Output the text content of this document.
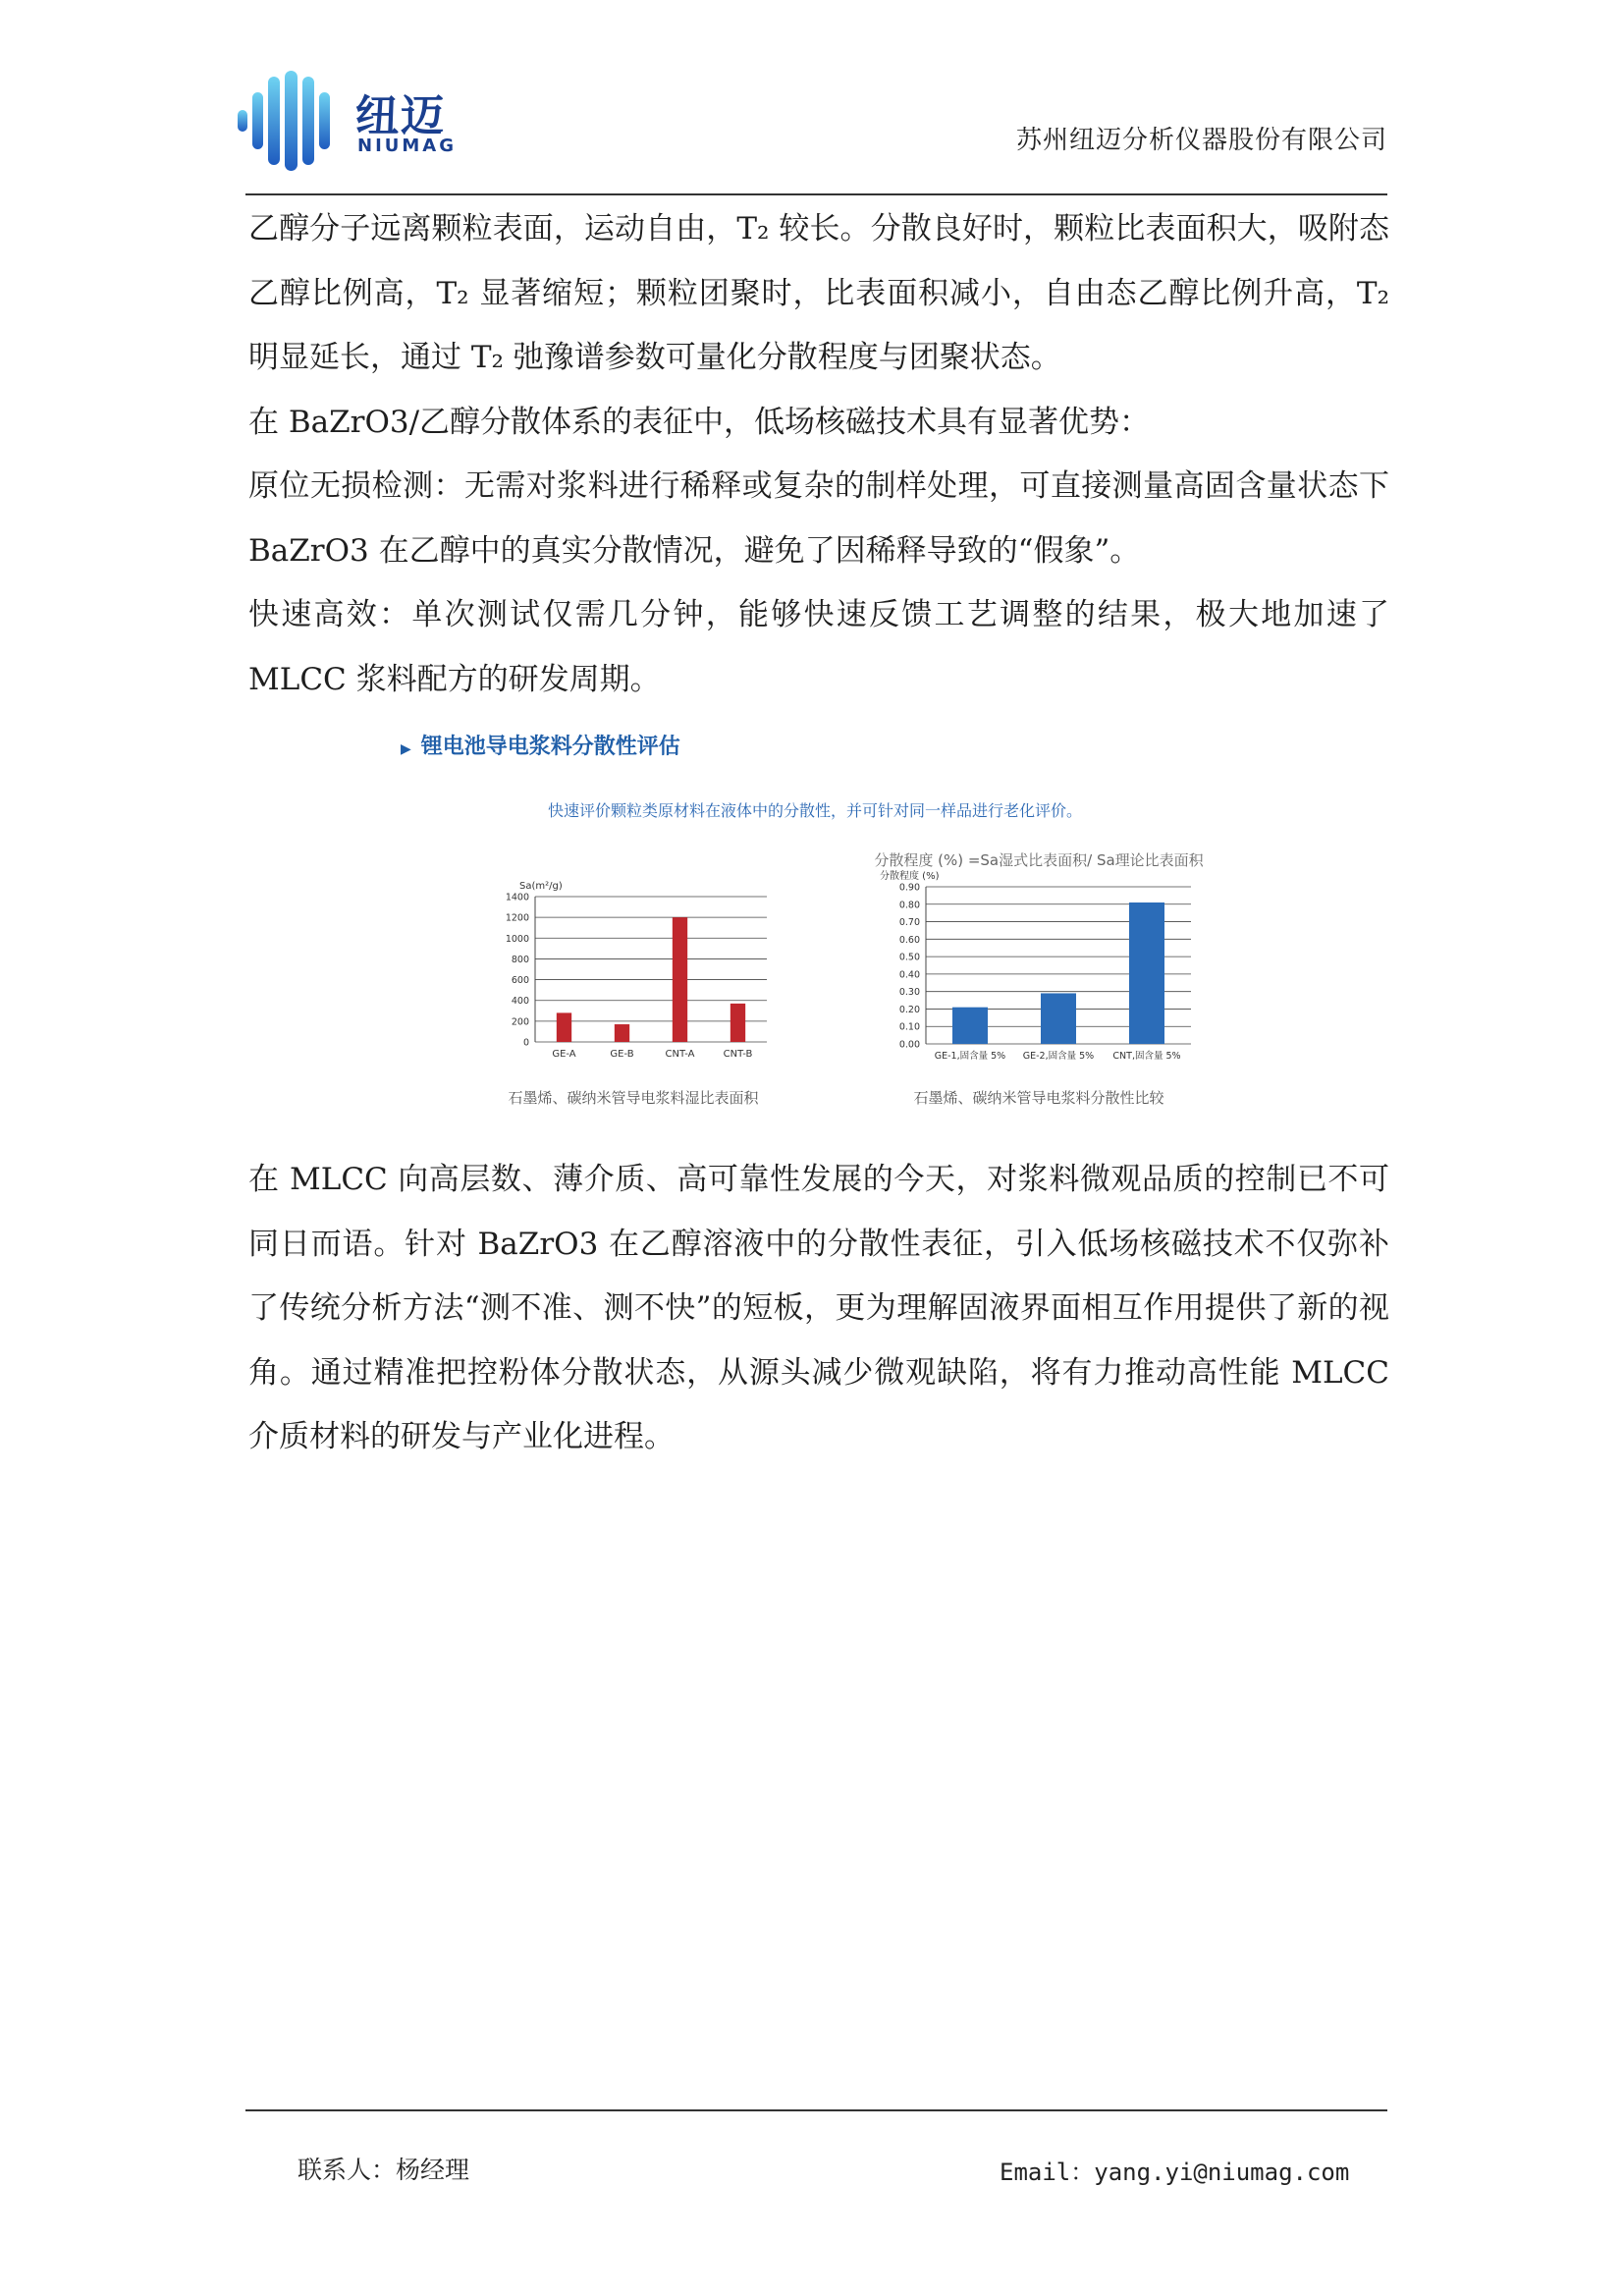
纽迈
NIUMAG	苏州纽迈分析仪器股份有限公司

乙醇分子远离颗粒表面，运动自由，T₂ 较长。分散良好时，颗粒比表面积大，吸附态乙醇比例高，T₂ 显著缩短；颗粒团聚时，比表面积减小，自由态乙醇比例升高，T₂ 明显延长，通过 T₂ 弛豫谱参数可量化分散程度与团聚状态。

在 BaZrO3/乙醇分散体系的表征中，低场核磁技术具有显著优势：

原位无损检测：无需对浆料进行稀释或复杂的制样处理，可直接测量高固含量状态下 BaZrO3 在乙醇中的真实分散情况，避免了因稀释导致的“假象”。

快速高效：单次测试仅需几分钟，能够快速反馈工艺调整的结果，极大地加速了 MLCC 浆料配方的研发周期。

▶ 锂电池导电浆料分散性评估
快速评价颗粒类原材料在液体中的分散性，并可针对同一样品进行老化评价。
Sa(m²/g)
0
200
400
600
800
1000
1200
1400
GE-A	GE-B	CNT-A	CNT-B
石墨烯、碳纳米管导电浆料湿比表面积
分散程度 (%) =Sa湿式比表面积/ Sa理论比表面积
分散程度 (%)
0.00
0.10
0.20
0.30
0.40
0.50
0.60
0.70
0.80
0.90
GE-1,固含量 5% GE-2,固含量 5% CNT,固含量 5%
石墨烯、碳纳米管导电浆料分散性比较

在 MLCC 向高层数、薄介质、高可靠性发展的今天，对浆料微观品质的控制已不可同日而语。针对 BaZrO3 在乙醇溶液中的分散性表征，引入低场核磁技术不仅弥补了传统分析方法“测不准、测不快”的短板，更为理解固液界面相互作用提供了新的视角。通过精准把控粉体分散状态，从源头减少微观缺陷，将有力推动高性能 MLCC 介质材料的研发与产业化进程。

联系人：杨经理	Email：yang.yi@niumag.com
